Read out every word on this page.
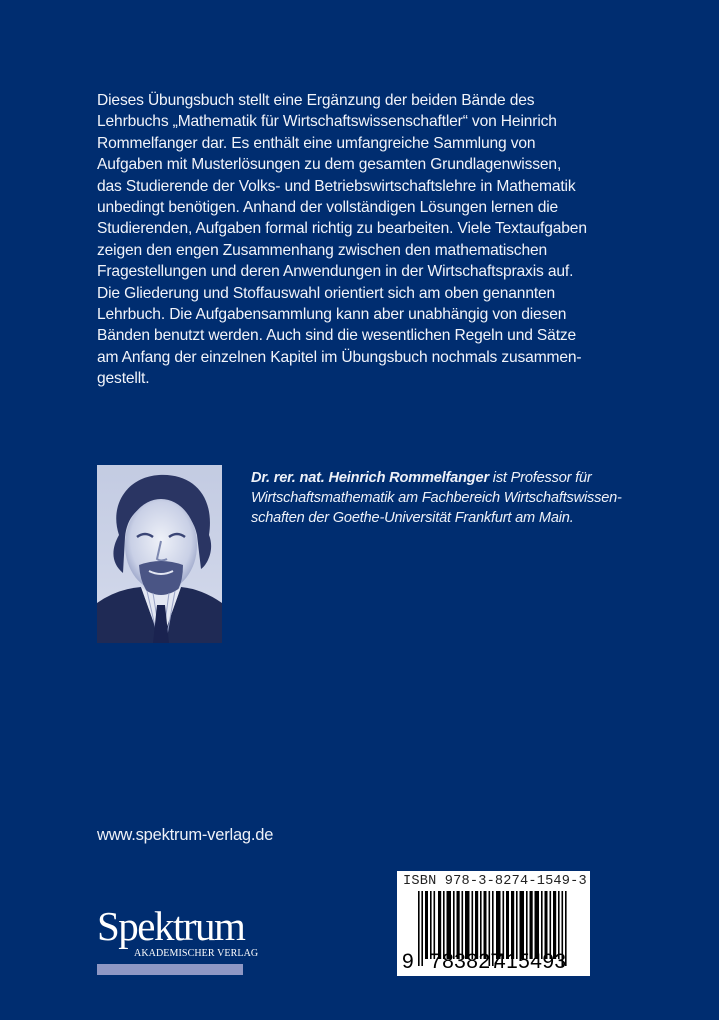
Dieses Übungsbuch stellt eine Ergänzung der beiden Bände des
Lehrbuchs „Mathematik für Wirtschaftswissenschaftler“ von Heinrich
Rommelfanger dar. Es enthält eine umfangreiche Sammlung von
Aufgaben mit Musterlösungen zu dem gesamten Grundlagenwissen,
das Studierende der Volks- und Betriebswirtschaftslehre in Mathematik
unbedingt benötigen. Anhand der vollständigen Lösungen lernen die
Studierenden, Aufgaben formal richtig zu bearbeiten. Viele Textaufgaben
zeigen den engen Zusammenhang zwischen den mathematischen
Fragestellungen und deren Anwendungen in der Wirtschaftspraxis auf.
Die Gliederung und Stoffauswahl orientiert sich am oben genannten
Lehrbuch. Die Aufgabensammlung kann aber unabhängig von diesen
Bänden benutzt werden. Auch sind die wesentlichen Regeln und Sätze
am Anfang der einzelnen Kapitel im Übungsbuch nochmals zusammen-
gestellt.
Dr. rer. nat. Heinrich Rommelfanger ist Professor für
Wirtschaftsmathematik am Fachbereich Wirtschaftswissen-
schaften der Goethe-Universität Frankfurt am Main.
www.spektrum-verlag.de
Spektrum
AKADEMISCHER VERLAG
ISBN 978-3-8274-1549-3
9 783827
415493
